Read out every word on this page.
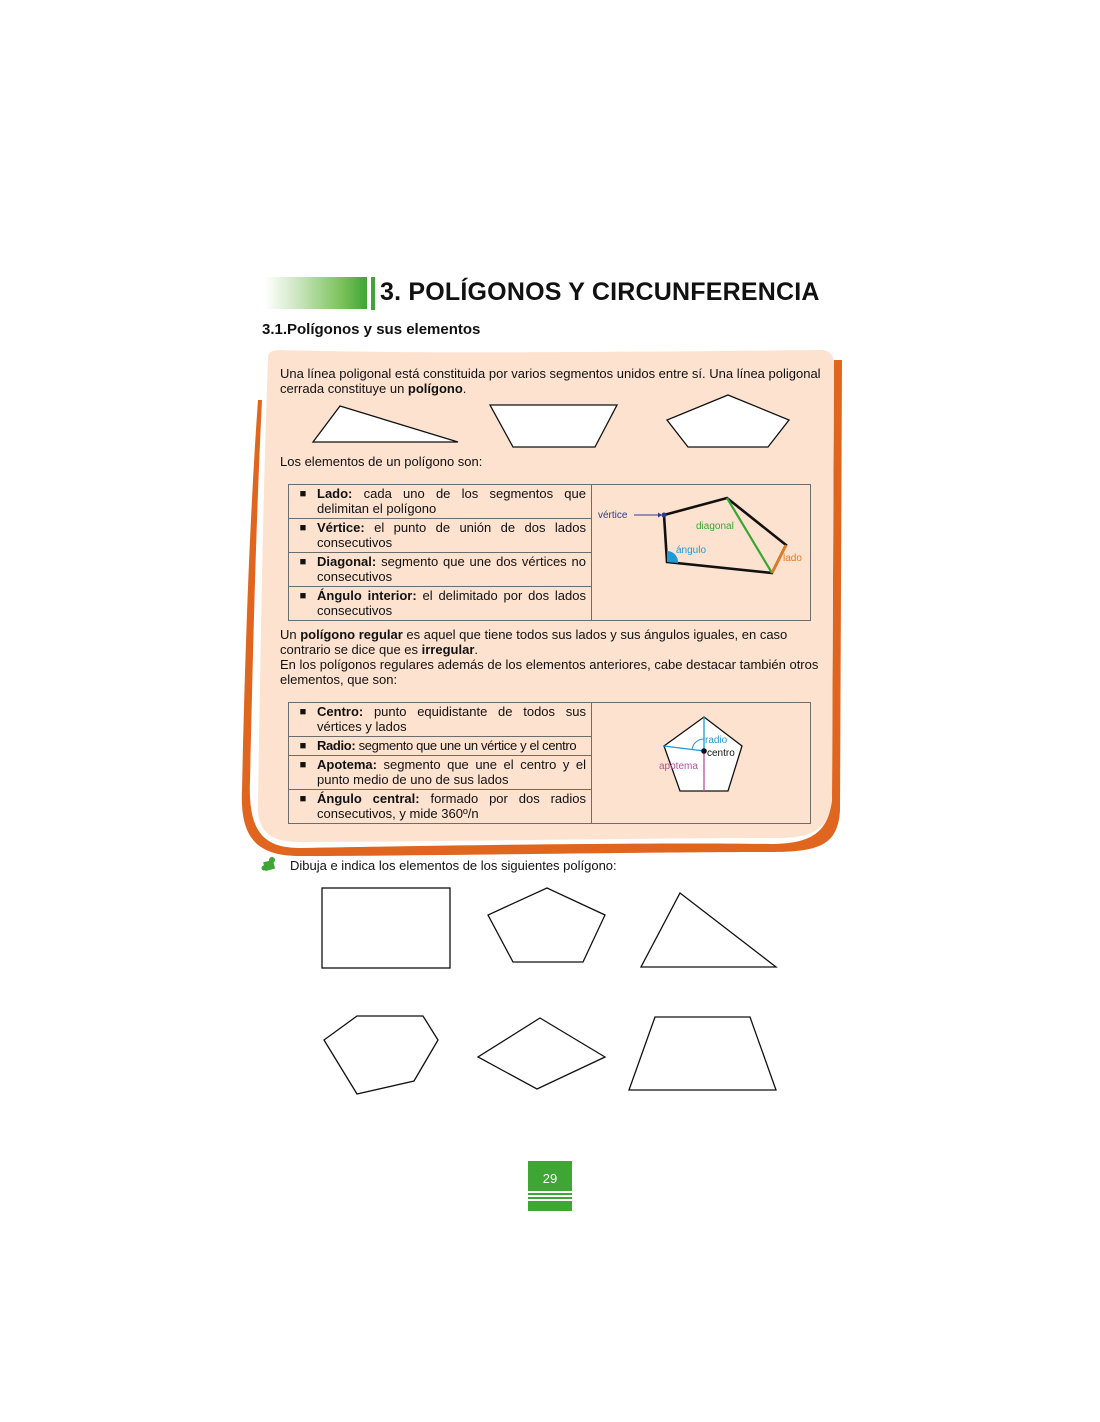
3. POLÍGONOS Y CIRCUNFERENCIA
3.1.Polígonos y sus elementos
Una línea poligonal está constituida por varios segmentos unidos entre sí. Una línea poligonal cerrada constituye un polígono.
Los elementos de un polígono son:
■ Lado: cada uno de los segmentos que delimitan el polígono	vértice
diagonal
ángulo
lado

■ Vértice: el punto de unión de dos lados consecutivos

■ Diagonal: segmento que une dos vértices no consecutivos

■ Ángulo interior: el delimitado por dos lados consecutivos
Un polígono regular es aquel que tiene todos sus lados y sus ángulos iguales, en caso contrario se dice que es irregular.
En los polígonos regulares además de los elementos anteriores, cabe destacar también otros elementos, que son:
■ Centro: punto equidistante de todos sus vértices y lados

radio
centro
apotema

■ Radio: segmento que une un vértice y el centro

■ Apotema: segmento que une el centro y el punto medio de uno de sus lados

■ Ángulo central: formado por dos radios consecutivos, y mide 360º/n
Dibuja e indica los elementos de los siguientes polígono:
29
